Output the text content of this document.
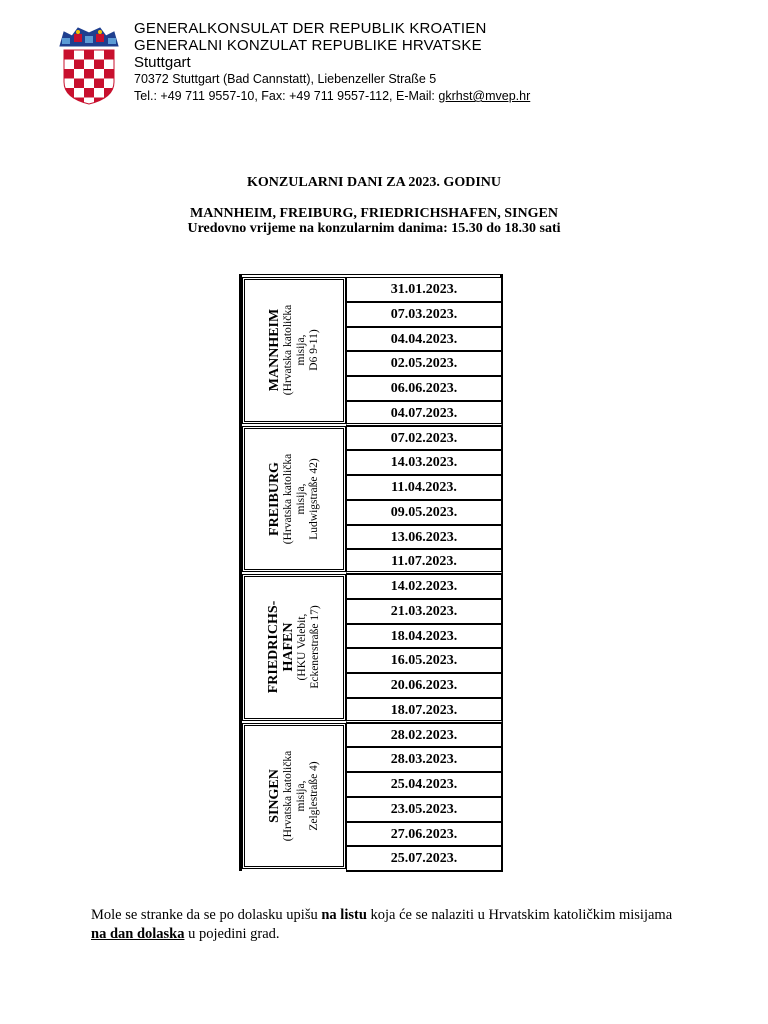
GENERALKONSULAT DER REPUBLIK KROATIEN
GENERALNI KONZULAT REPUBLIKE HRVATSKE
Stuttgart
70372 Stuttgart (Bad Cannstatt), Liebenzeller Straße 5
Tel.: +49 711 9557-10, Fax: +49 711 9557-112, E-Mail: gkrhst@mvep.hr
KONZULARNI DANI ZA 2023. GODINU
MANNHEIM, FREIBURG, FRIEDRICHSHAFEN, SINGEN
Uredovno vrijeme na konzularnim danima: 15.30 do 18.30 sati
MANNHEIM (Hrvatska katolička misija, D6 9-11)
31.01.2023.
07.03.2023.
04.04.2023.
02.05.2023.
06.06.2023.
04.07.2023.
FREIBURG (Hrvatska katolička misija, Ludwigstraße 42)
07.02.2023.
14.03.2023.
11.04.2023.
09.05.2023.
13.06.2023.
11.07.2023.
FRIEDRICHS- HAFEN (HKU Velebit, Eckenerstraße 17)
14.02.2023.
21.03.2023.
18.04.2023.
16.05.2023.
20.06.2023.
18.07.2023.
SINGEN (Hrvatska katolička misija, Zelglestraße 4)
28.02.2023.
28.03.2023.
25.04.2023.
23.05.2023.
27.06.2023.
25.07.2023.
Mole se stranke da se po dolasku upišu na listu koja će se nalaziti u Hrvatskim katoličkim misijama na dan dolaska u pojedini grad.
